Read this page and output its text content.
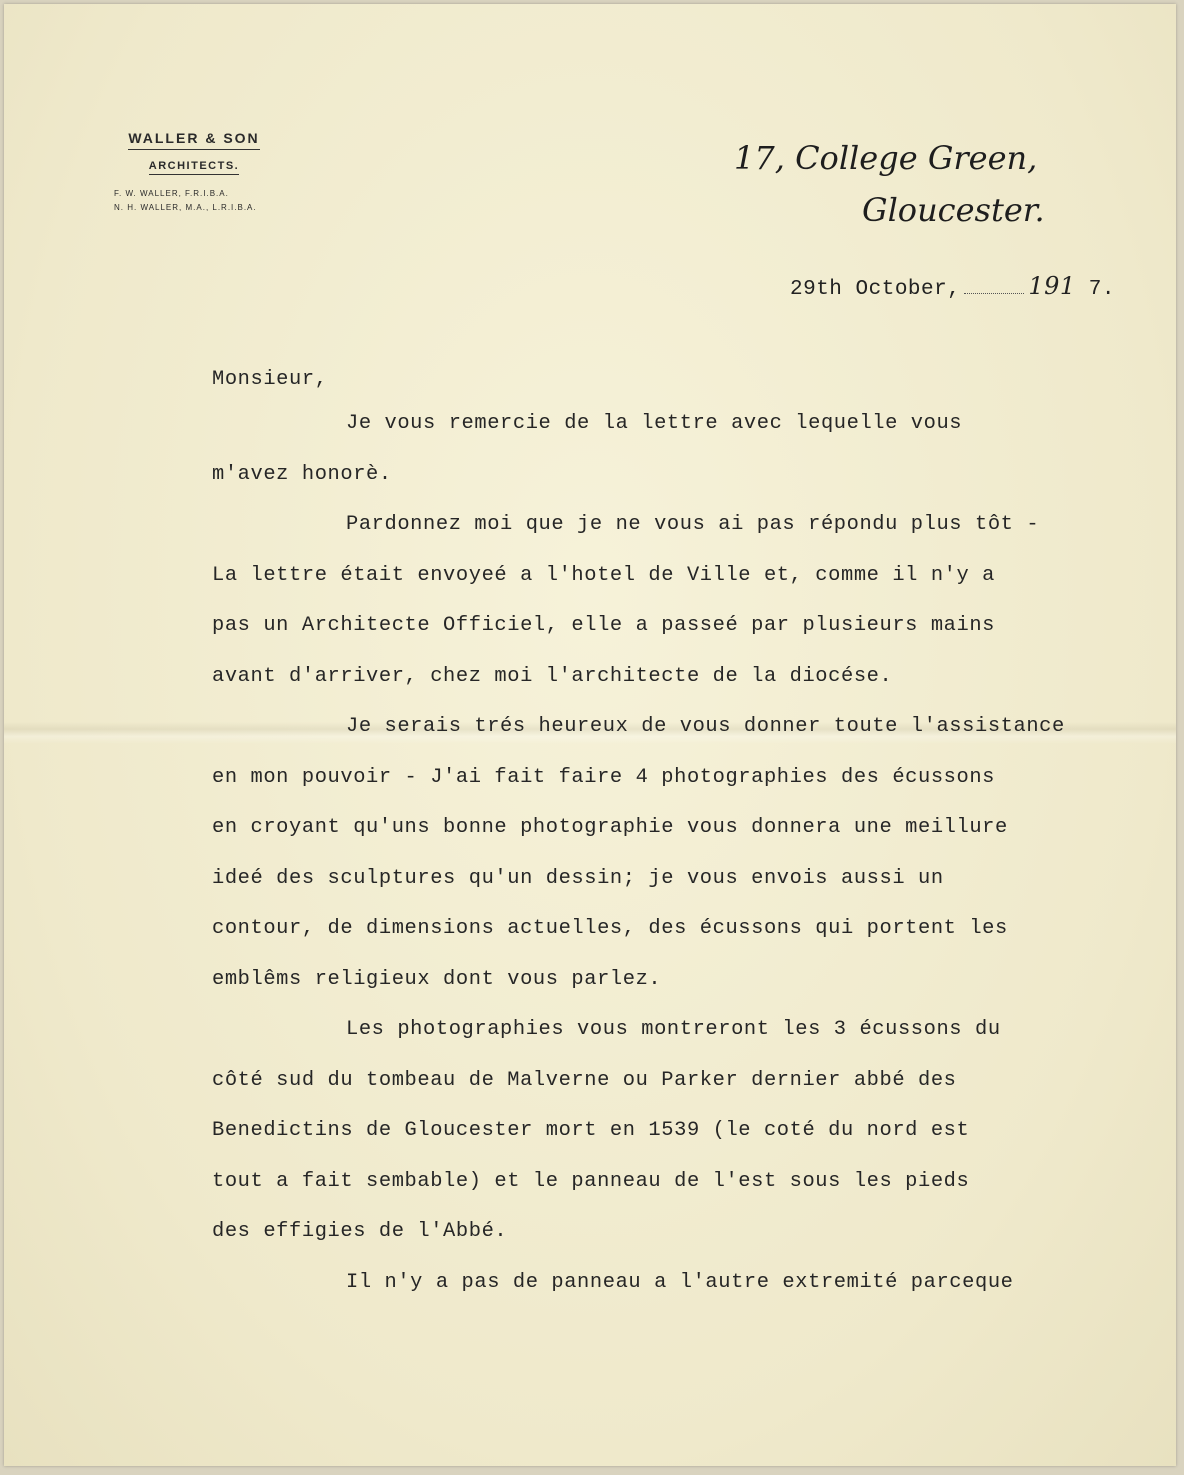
WALLER & SON
ARCHITECTS.
F. W. WALLER, F.R.I.B.A.
N. H. WALLER, M.A., L.R.I.B.A.
17, College Green,
Gloucester.
29th October,	191 7.
Monsieur,
Je vous remercie de la lettre avec lequelle vous
m'avez honorè.
Pardonnez moi que je ne vous ai pas répondu plus tôt -
La lettre était envoyeé a l'hotel de Ville et, comme il n'y a
pas un Architecte Officiel, elle a passeé par plusieurs mains
avant d'arriver, chez moi l'architecte de la diocése.
Je serais trés heureux de vous donner toute l'assistance
en mon pouvoir - J'ai fait faire 4 photographies des écussons
en croyant qu'uns bonne photographie vous donnera une meillure
ideé des sculptures qu'un dessin; je vous envois aussi un
contour, de dimensions actuelles, des écussons qui portent les
emblêms religieux dont vous parlez.
Les photographies vous montreront les 3 écussons du
côté sud du tombeau de Malverne ou Parker dernier abbé des
Benedictins de Gloucester mort en 1539 (le coté du nord est
tout a fait sembable) et le panneau de l'est sous les pieds
des effigies de l'Abbé.
Il n'y a pas de panneau a l'autre extremité parceque
